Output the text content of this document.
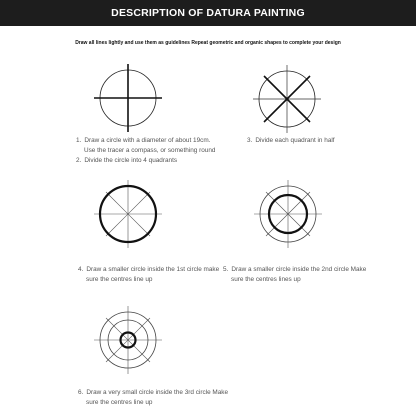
DESCRIPTION OF DATURA PAINTING
Draw all lines lightly and use them as guidelines Repeat geometric and organic shapes to complete your design
1. Draw a circle with a diameter of about 19cm.
Use the tracer a compass, or something round
2. Divide the circle into 4 quadrants
3. Divide each quadrant in half
4. Draw a smaller circle inside the 1st circle make
sure the centres line up
5. Draw a smaller circle inside the 2nd circle Make
sure the centres lines up
6. Draw a very small circle inside the 3rd circle Make
sure the centres line up
